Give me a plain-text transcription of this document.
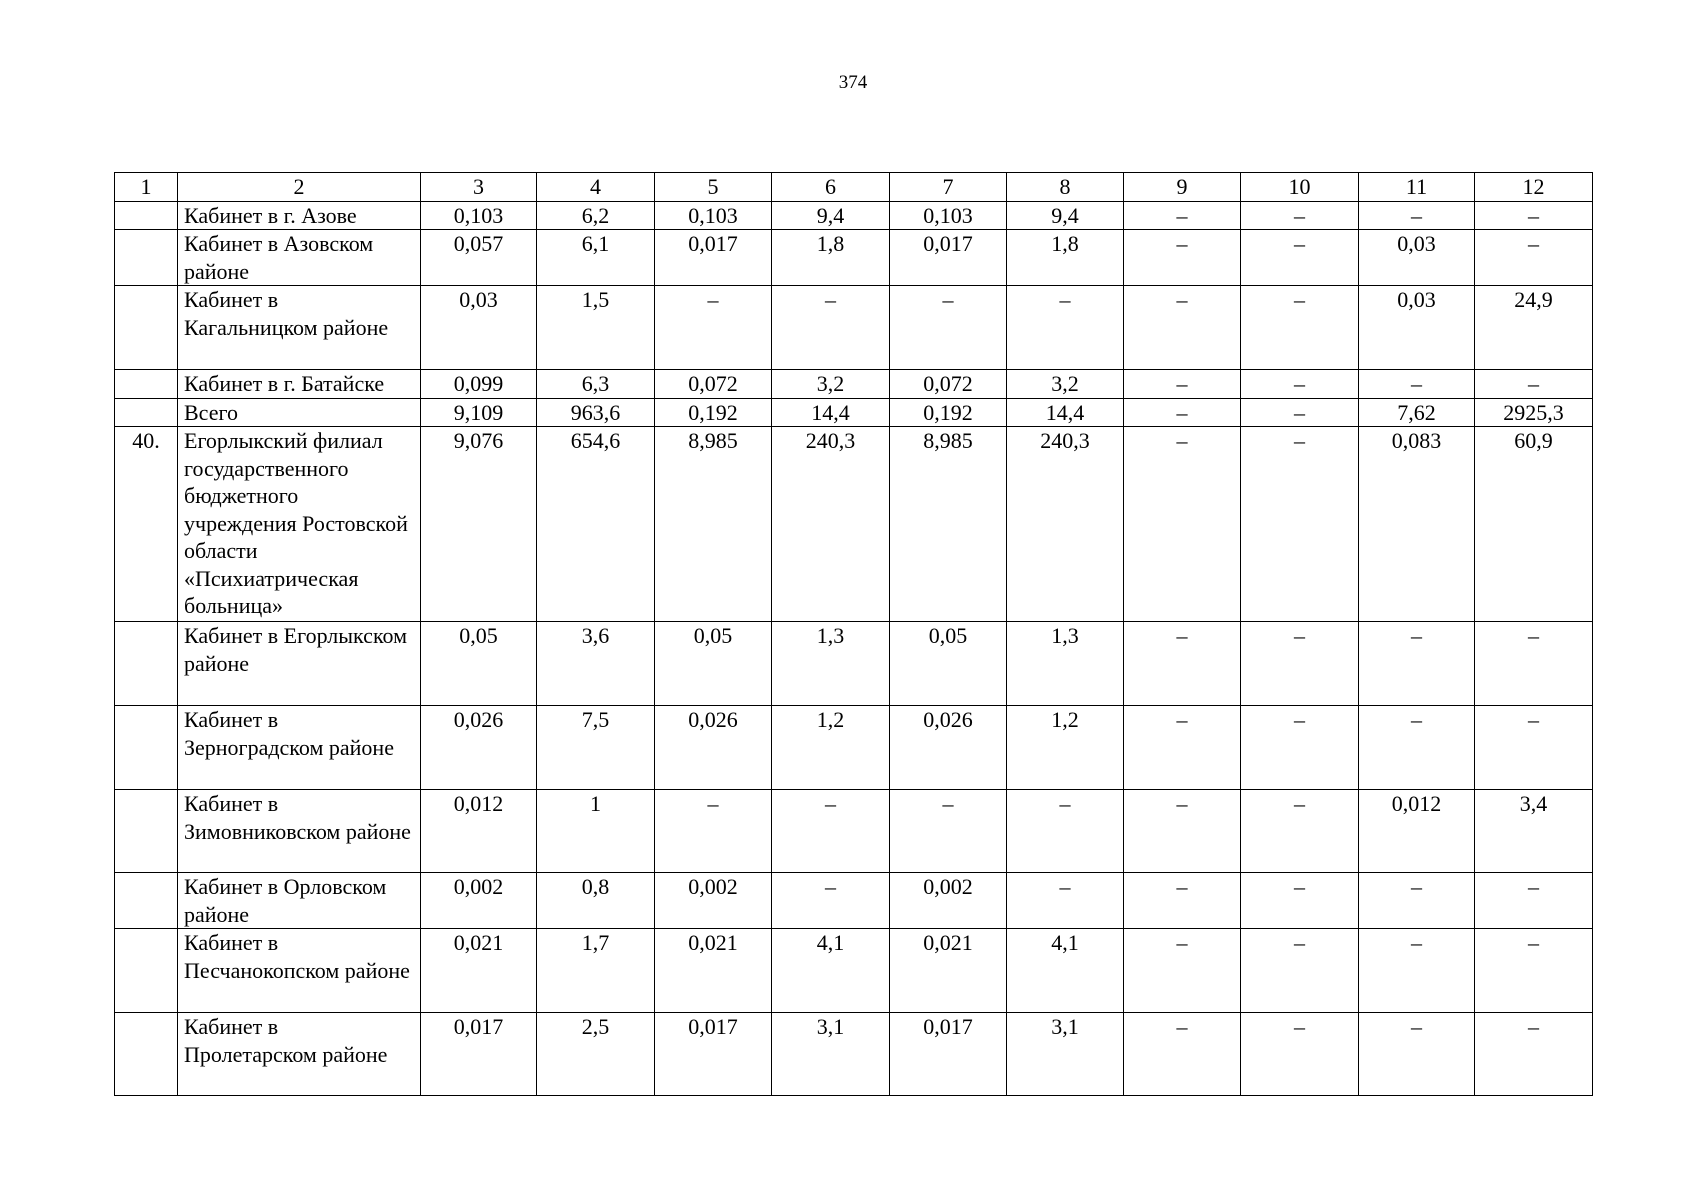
374
1	2	3	4	5	6	7	8	9	10	11	12
	Кабинет в г. Азове	0,103	6,2	0,103	9,4	0,103	9,4	–	–	–	–
	Кабинет в Азовском районе	0,057	6,1	0,017	1,8	0,017	1,8	–	–	0,03	–
	Кабинет в Кагальницком районе	0,03	1,5	–	–	–	–	–	–	0,03	24,9
	Кабинет в г. Батайске	0,099	6,3	0,072	3,2	0,072	3,2	–	–	–	–
	Всего	9,109	963,6	0,192	14,4	0,192	14,4	–	–	7,62	2925,3
40.	Егорлыкский филиал государственного бюджетного учреждения Ростовской области «Психиатрическая больница»	9,076	654,6	8,985	240,3	8,985	240,3	–	–	0,083	60,9
	Кабинет в Егорлыкском районе	0,05	3,6	0,05	1,3	0,05	1,3	–	–	–	–
	Кабинет в Зерноградском районе	0,026	7,5	0,026	1,2	0,026	1,2	–	–	–	–
	Кабинет в Зимовниковском районе	0,012	1	–	–	–	–	–	–	0,012	3,4
	Кабинет в Орловском районе	0,002	0,8	0,002	–	0,002	–	–	–	–	–
	Кабинет в Песчанокопском районе	0,021	1,7	0,021	4,1	0,021	4,1	–	–	–	–
	Кабинет в Пролетарском районе	0,017	2,5	0,017	3,1	0,017	3,1	–	–	–	–
